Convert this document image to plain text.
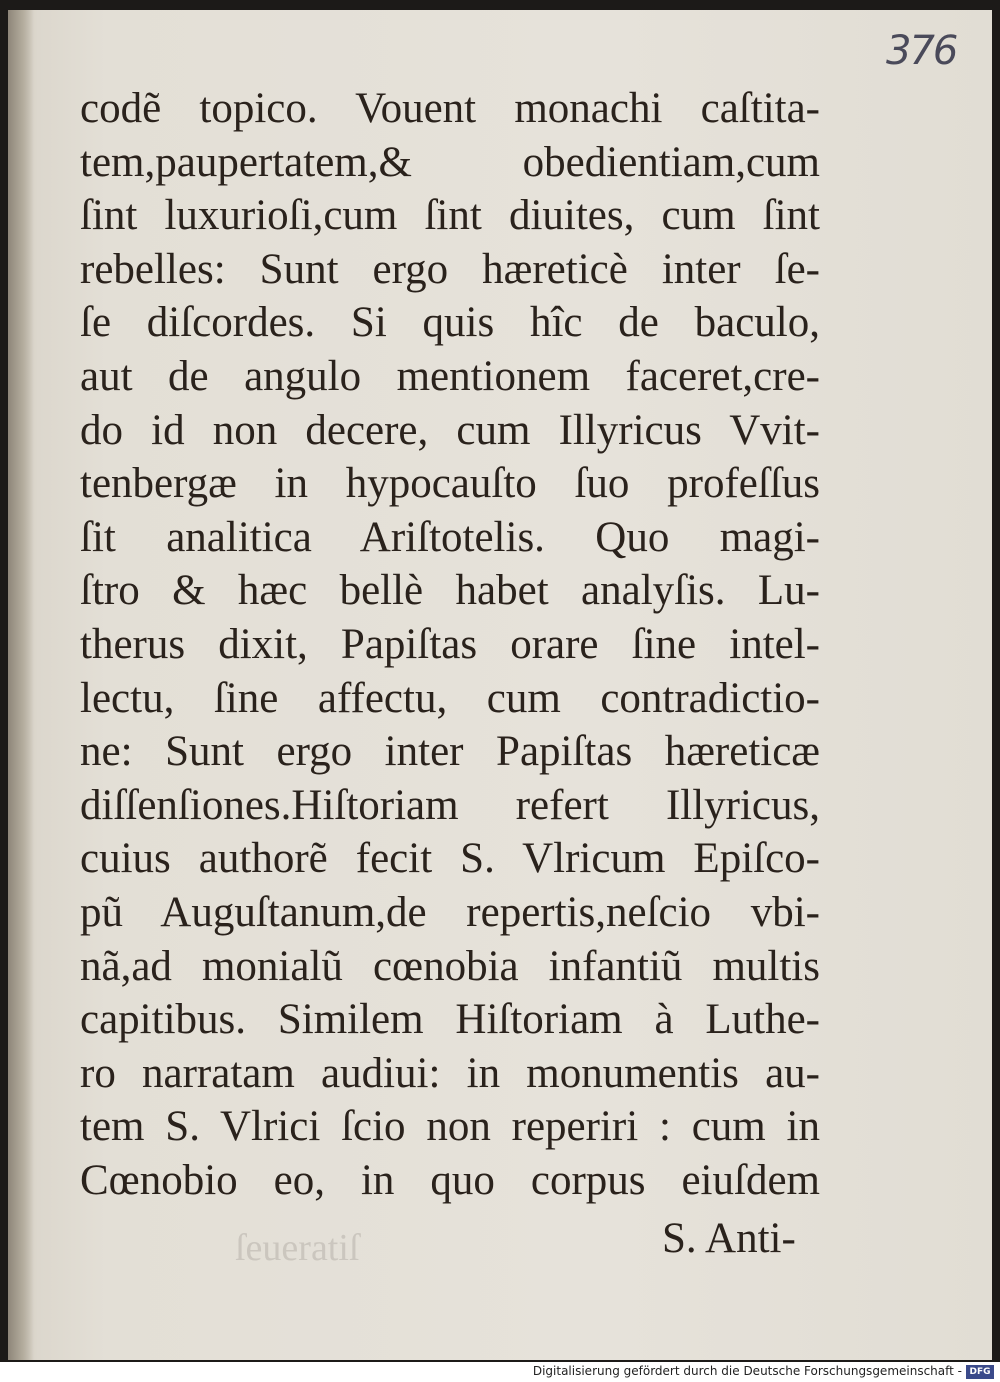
376
codẽ topico. Vouent monachi caſtita-
tem,paupertatem,& obedientiam,cum
ſint luxurioſi,cum ſint diuites, cum ſint
rebelles: Sunt ergo hæreticè inter ſe-
ſe diſcordes. Si quis hîc de baculo,
aut de angulo mentionem faceret,cre-
do id non decere, cum Illyricus Vvit-
tenbergæ in hypocauſto ſuo profeſſus
ſit analitica Ariſtotelis. Quo magi-
ſtro & hæc bellè habet analyſis. Lu-
therus dixit, Papiſtas orare ſine intel-
lectu, ſine affectu, cum contradictio-
ne: Sunt ergo inter Papiſtas hæreticæ
diſſenſiones.Hiſtoriam refert Illyricus,
cuius authorẽ fecit S. Vlricum Epiſco-
pũ Auguſtanum,de repertis,neſcio vbi-
nã,ad monialũ cœnobia infantiũ multis
capitibus. Similem Hiſtoriam à Luthe-
ro narratam audiui: in monumentis au-
tem S. Vlrici ſcio non reperiri : cum in
Cœnobio eo, in quo corpus eiuſdem
ſeueratiſ	S. Anti-
Digitalisierung gefördert durch die Deutsche Forschungsgemeinschaft - DFG
